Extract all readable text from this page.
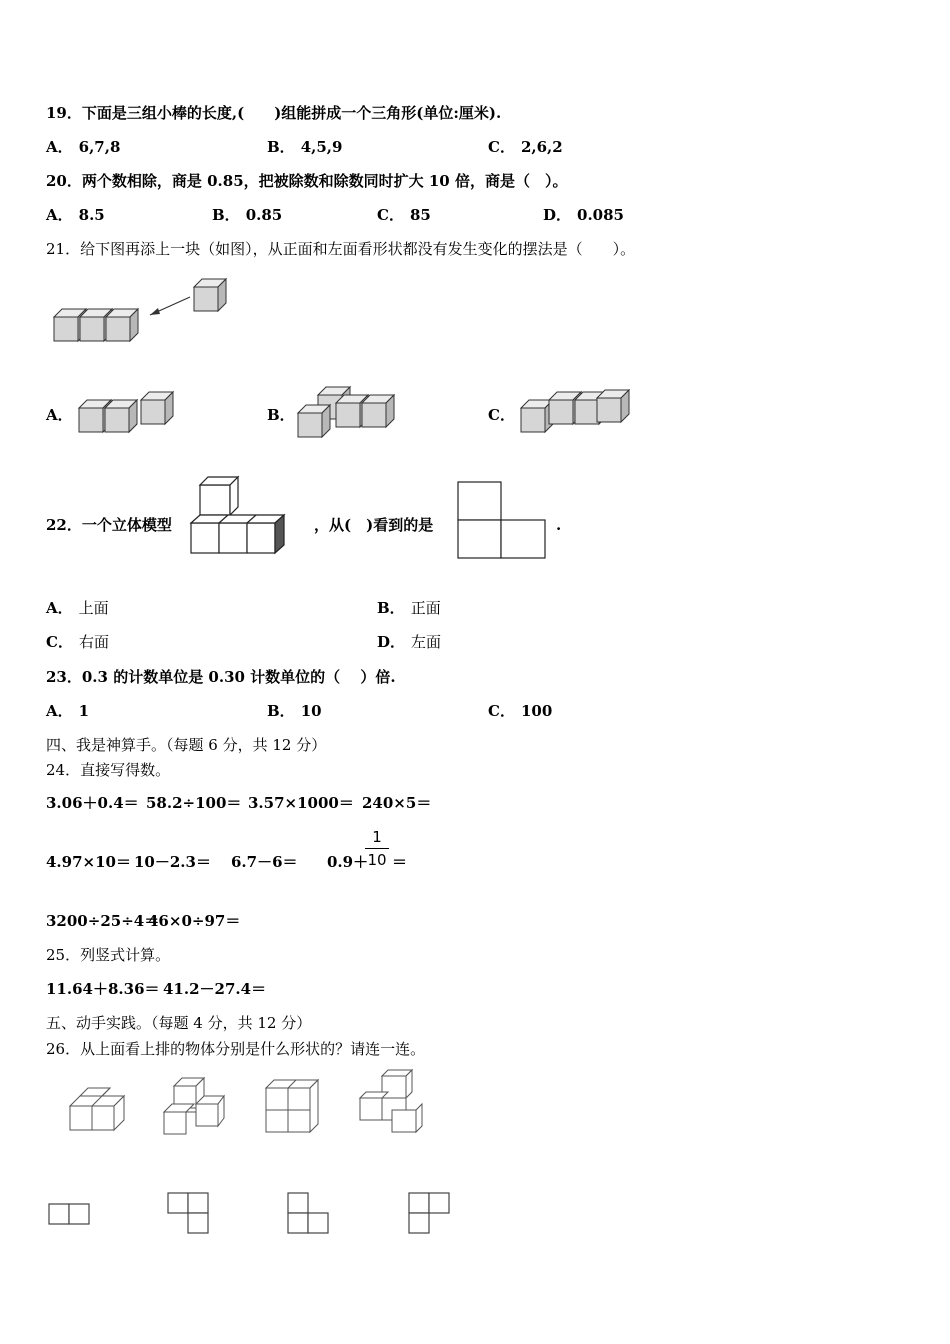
19．下面是三组小棒的长度,(　　)组能拼成一个三角形(单位:厘米).
A． 6,7,8	B． 4,5,9	C． 2,6,2
20．两个数相除，商是 0.85，把被除数和除数同时扩大 10 倍，商是（　）。
A． 8.5	B． 0.85	C． 85	D． 0.085
21．给下图再添上一块（如图），从正面和左面看形状都没有发生变化的摆法是（　　）。
A．	B．	C．
22．一个立体模型	，从(　)看到的是	.
A． 上面	B． 正面
C． 右面	D． 左面
23．0.3 的计数单位是 0.30 计数单位的（　 ）倍.
A． 1	B． 10	C． 100
四、我是神算手。（每题 6 分，共 12 分）
24．直接写得数。
3.06＋0.4＝ 58.2÷100＝ 3.57×1000＝ 240×5＝
4.97×10＝ 10－2.3＝ 6.7－6＝ 0.9＋
1
10 ＝
3200÷25÷4＝
46×0÷97＝
25．列竖式计算。
11.64＋8.36＝ 41.2－27.4＝
五、动手实践。（每题 4 分，共 12 分）
26．从上面看上排的物体分别是什么形状的？请连一连。
